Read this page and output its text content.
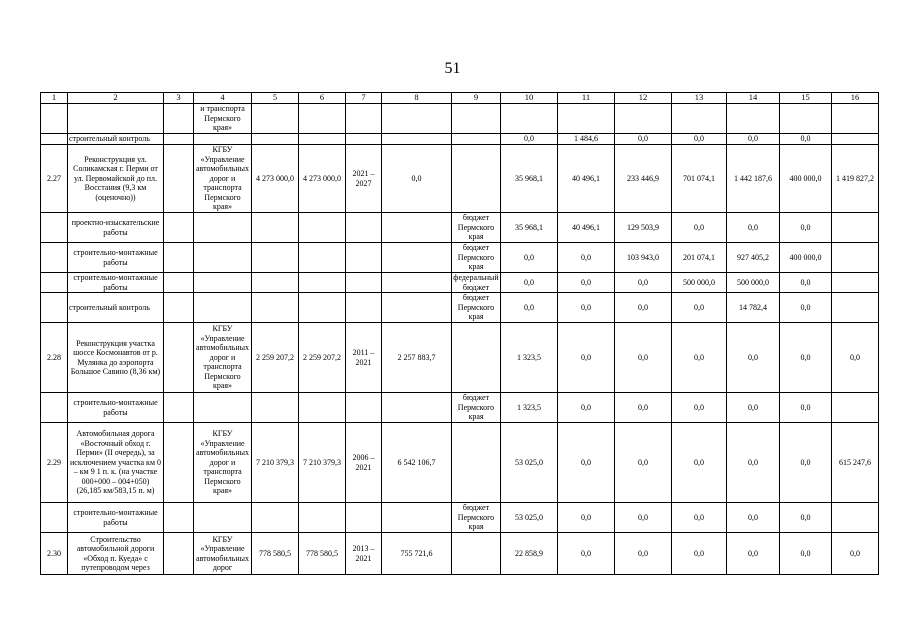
51
1	2	3	4	5	6	7	8	9	10	11	12	13	14	15	16
			и транспорта Пермского края»												
	строительный контроль								0,0	1 484,6	0,0	0,0	0,0	0,0	
2.27	Реконструкция ул. Соликамская г. Перми от ул. Первомайской до пл. Восстания (9,3 км (оценочно))		КГБУ «Управление автомобильных дорог и транспорта Пермского края»	4 273 000,0	4 273 000,0	2021 – 2027	0,0		35 968,1	40 496,1	233 446,9	701 074,1	1 442 187,6	400 000,0	1 419 827,2
	проектно-изыскательские работы							бюджет Пермского края	35 968,1	40 496,1	129 503,9	0,0	0,0	0,0	
	строительно-монтажные работы							бюджет Пермского края	0,0	0,0	103 943,0	201 074,1	927 405,2	400 000,0	
	строительно-монтажные работы							федеральный бюджет	0,0	0,0	0,0	500 000,0	500 000,0	0,0	
	строительный контроль							бюджет Пермского края	0,0	0,0	0,0	0,0	14 782,4	0,0	
2.28	Реконструкция участка шоссе Космонавтов от р. Мулянка до аэропорта Большое Савино (8,36 км)		КГБУ «Управление автомобильных дорог и транспорта Пермского края»	2 259 207,2	2 259 207,2	2011 – 2021	2 257 883,7		1 323,5	0,0	0,0	0,0	0,0	0,0	0,0
	строительно-монтажные работы							бюджет Пермского края	1 323,5	0,0	0,0	0,0	0,0	0,0	
2.29	Автомобильная дорога «Восточный обход г. Перми» (II очередь), за исключением участка км 0 – км 9 1 п. к. (на участке 000+000 – 004+050) (26,185 км/583,15 п. м)		КГБУ «Управление автомобильных дорог и транспорта Пермского края»	7 210 379,3	7 210 379,3	2006 – 2021	6 542 106,7		53 025,0	0,0	0,0	0,0	0,0	0,0	615 247,6
	строительно-монтажные работы							бюджет Пермского края	53 025,0	0,0	0,0	0,0	0,0	0,0	
2.30	Строительство автомобильной дороги «Обход п. Куеда» с путепроводом через		КГБУ «Управление автомобильных дорог	778 580,5	778 580,5	2013 – 2021	755 721,6		22 858,9	0,0	0,0	0,0	0,0	0,0	0,0
